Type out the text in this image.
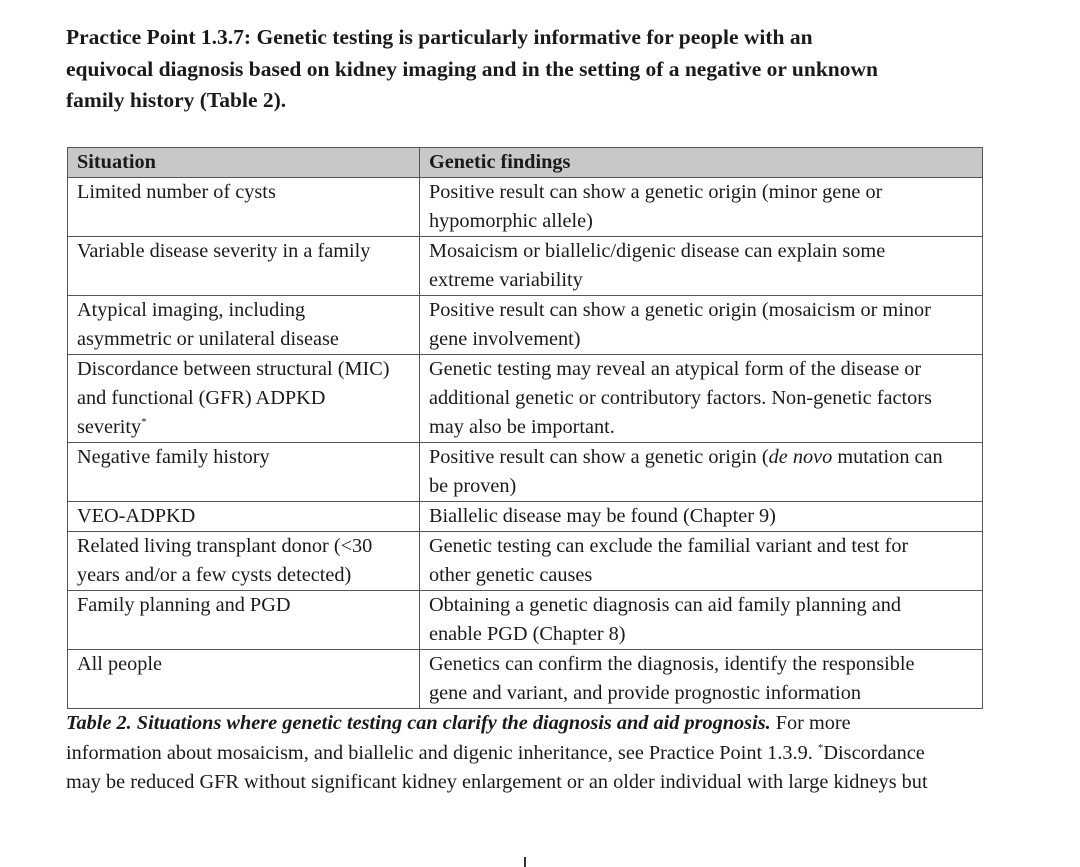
Practice Point 1.3.7: Genetic testing is particularly informative for people with an
equivocal diagnosis based on kidney imaging and in the setting of a negative or unknown
family history (Table 2).
Situation	Genetic findings

Limited number of cysts	Positive result can show a genetic origin (minor gene or
hypomorphic allele)

Variable disease severity in a family	Mosaicism or biallelic/digenic disease can explain some
extreme variability

Atypical imaging, including
asymmetric or unilateral disease	Positive result can show a genetic origin (mosaicism or minor
gene involvement)

Discordance between structural (MIC)
and functional (GFR) ADPKD
severity*	Genetic testing may reveal an atypical form of the disease or
additional genetic or contributory factors. Non-genetic factors
may also be important.

Negative family history	Positive result can show a genetic origin (de novo mutation can
be proven)

VEO-ADPKD	Biallelic disease may be found (Chapter 9)

Related living transplant donor (<30
years and/or a few cysts detected)	Genetic testing can exclude the familial variant and test for
other genetic causes

Family planning and PGD	Obtaining a genetic diagnosis can aid family planning and
enable PGD (Chapter 8)

All people	Genetics can confirm the diagnosis, identify the responsible
gene and variant, and provide prognostic information
Table 2. Situations where genetic testing can clarify the diagnosis and aid prognosis. For more
information about mosaicism, and biallelic and digenic inheritance, see Practice Point 1.3.9. *Discordance
may be reduced GFR without significant kidney enlargement or an older individual with large kidneys but
